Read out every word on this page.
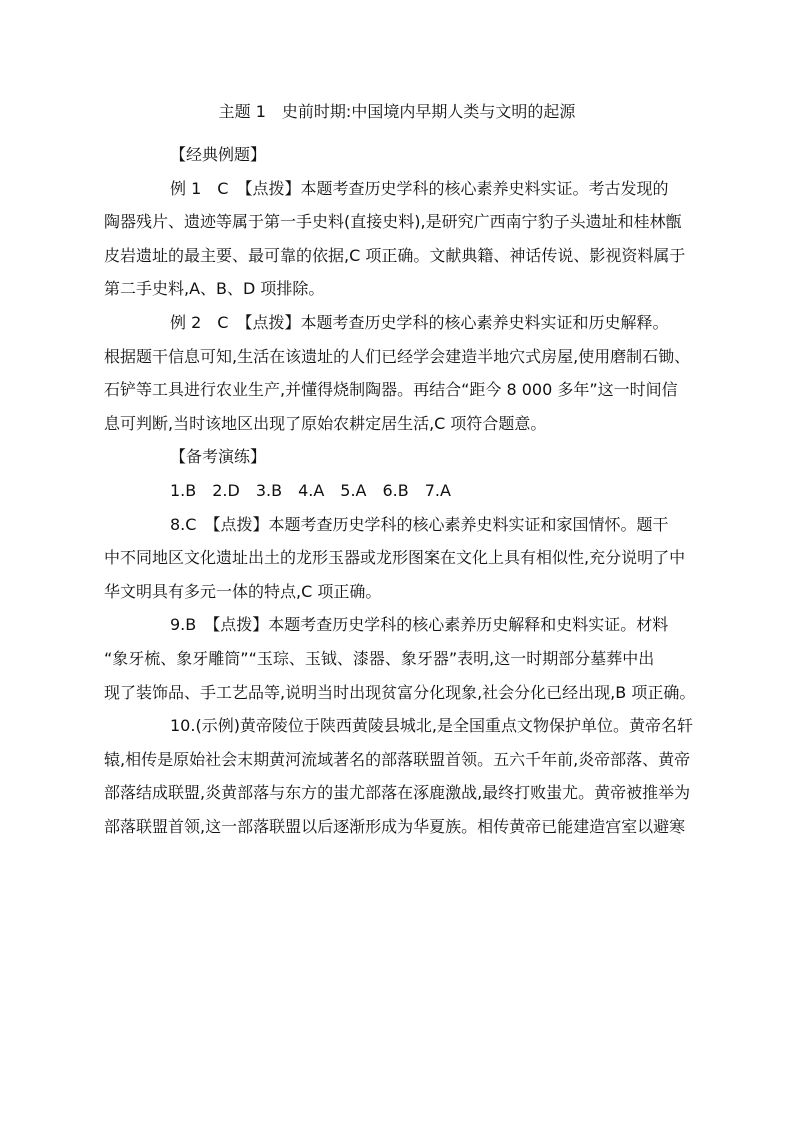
主题 1　史前时期:中国境内早期人类与文明的起源

【经典例题】

例 1　C　【点拨】本题考查历史学科的核心素养史料实证。考古发现的

陶器残片、遗迹等属于第一手史料(直接史料),是研究广西南宁豹子头遗址和桂林甑

皮岩遗址的最主要、最可靠的依据,C 项正确。文献典籍、神话传说、影视资料属于

第二手史料,A、B、D 项排除。

例 2　C　【点拨】本题考查历史学科的核心素养史料实证和历史解释。

根据题干信息可知,生活在该遗址的人们已经学会建造半地穴式房屋,使用磨制石锄、

石铲等工具进行农业生产,并懂得烧制陶器。再结合“距今 8 000 多年”这一时间信

息可判断,当时该地区出现了原始农耕定居生活,C 项符合题意。

【备考演练】

1.B　2.D　3.B　4.A　5.A　6.B　7.A

8.C　【点拨】本题考查历史学科的核心素养史料实证和家国情怀。题干

中不同地区文化遗址出土的龙形玉器或龙形图案在文化上具有相似性,充分说明了中

华文明具有多元一体的特点,C 项正确。

9.B　【点拨】本题考查历史学科的核心素养历史解释和史料实证。材料

“象牙梳、象牙雕筒”“玉琮、玉钺、漆器、象牙器”表明,这一时期部分墓葬中出

现了装饰品、手工艺品等,说明当时出现贫富分化现象,社会分化已经出现,B 项正确。

10.(示例)黄帝陵位于陕西黄陵县城北,是全国重点文物保护单位。黄帝名轩

辕,相传是原始社会末期黄河流域著名的部落联盟首领。五六千年前,炎帝部落、黄帝

部落结成联盟,炎黄部落与东方的蚩尤部落在涿鹿激战,最终打败蚩尤。黄帝被推举为

部落联盟首领,这一部落联盟以后逐渐形成为华夏族。相传黄帝已能建造宫室以避寒
